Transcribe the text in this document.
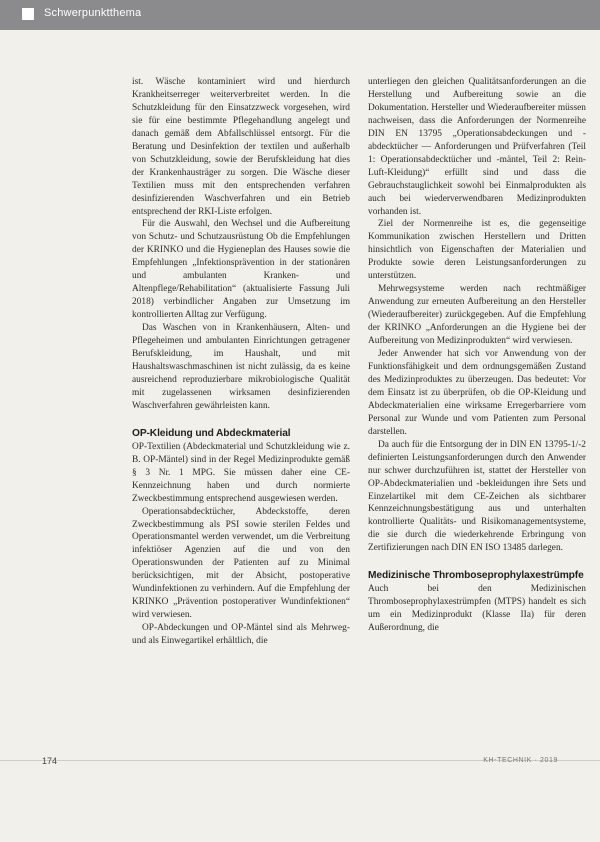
Schwerpunktthema

ist. Wäsche kontaminiert wird und hierdurch Krankheitserreger weiterverbreitet werden. In die Schutzkleidung für den Einsatzzweck vorgesehen, wird sie für eine bestimmte Pflegehandlung angelegt und danach gemäß dem Abfallschlüssel entsorgt. Für die Beratung und Desinfektion der textilen und außerhalb von Schutzkleidung, sowie der Berufskleidung hat dies der Krankenhausträger zu sorgen. Die Wäsche dieser Textilien muss mit den entsprechenden verfahren desinfizierenden Waschverfahren und ein Betrieb entsprechend der RKI-Liste erfolgen.

Für die Auswahl, den Wechsel und die Aufbereitung von Schutz- und Schutzausrüstung Ob die Empfehlungen der KRINKO und die Hygieneplan des Hauses sowie die Empfehlungen „Infektionsprävention in der stationären und ambulanten Kranken- und Altenpflege/Rehabilitation“ (aktualisierte Fassung Juli 2018) verbindlicher Angaben zur Umsetzung im kontrollierten Alltag zur Verfügung.

Das Waschen von in Krankenhäusern, Alten- und Pflegeheimen und ambulanten Einrichtungen getragener Berufskleidung, im Haushalt, und mit Haushaltswaschmaschinen ist nicht zulässig, da es keine ausreichend reproduzierbare mikrobiologische Qualität mit zugelassenen wirksamen desinfizierenden Waschverfahren gewährleisten kann.

OP-Kleidung und Abdeckmaterial

OP-Textilien (Abdeckmaterial und Schutzkleidung wie z. B. OP-Mäntel) sind in der Regel Medizinprodukte gemäß § 3 Nr. 1 MPG. Sie müssen daher eine CE-Kennzeichnung haben und durch normierte Zweckbestimmung entsprechend ausgewiesen werden.

Operationsabdecktücher, Abdeckstoffe, deren Zweckbestimmung als PSI sowie sterilen Feldes und Operationsmantel werden verwendet, um die Verbreitung infektiöser Agenzien auf die und von den Operationswunden der Patienten auf zu Minimal berücksichtigen, mit der Absicht, postoperative Wundinfektionen zu verhindern. Auf die Empfehlung der KRINKO „Prävention postoperativer Wundinfektionen“ wird verwiesen.

OP-Abdeckungen und OP-Mäntel sind als Mehrweg- und als Einwegartikel erhältlich, die

unterliegen den gleichen Qualitätsanforderungen an die Herstellung und Aufbereitung sowie an die Dokumentation. Hersteller und Wiederaufbereiter müssen nachweisen, dass die Anforderungen der Normenreihe DIN EN 13795 „Operationsabdeckungen und -abdecktücher — Anforderungen und Prüfverfahren (Teil 1: Operationsabdecktücher und -mäntel, Teil 2: Rein-Luft-Kleidung)“ erfüllt sind und dass die Gebrauchstauglichkeit sowohl bei Einmalprodukten als auch bei wiederverwendbaren Medizinprodukten vorhanden ist.

Ziel der Normenreihe ist es, die gegenseitige Kommunikation zwischen Herstellern und Dritten hinsichtlich von Eigenschaften der Materialien und Produkte sowie deren Leistungsanforderungen zu unterstützen.

Mehrwegsysteme werden nach rechtmäßiger Anwendung zur erneuten Aufbereitung an den Hersteller (Wiederaufbereiter) zurückgegeben. Auf die Empfehlung der KRINKO „Anforderungen an die Hygiene bei der Aufbereitung von Medizinprodukten“ wird verwiesen.

Jeder Anwender hat sich vor Anwendung von der Funktionsfähigkeit und dem ordnungsgemäßen Zustand des Medizinproduktes zu überzeugen. Das bedeutet: Vor dem Einsatz ist zu überprüfen, ob die OP-Kleidung und Abdeckmaterialien eine wirksame Erregerbarriere vom Personal zur Wunde und vom Patienten zum Personal darstellen.

Da auch für die Entsorgung der in DIN EN 13795-1/-2 definierten Leistungsanforderungen durch den Anwender nur schwer durchzuführen ist, stattet der Hersteller von OP-Abdeckmaterialien und -bekleidungen ihre Sets und Einzelartikel mit dem CE-Zeichen als sichtbarer Kennzeichnungsbestätigung aus und unterhalten kontrollierte Qualitäts- und Risikomanagementsysteme, die sie durch die wiederkehrende Erbringung von Zertifizierungen nach DIN EN ISO 13485 darlegen.

Medizinische Thromboseprophylaxestrümpfe

Auch bei den Medizinischen Thromboseprophylaxestrümpfen (MTPS) handelt es sich um ein Medizinprodukt (Klasse IIa) für deren Außerordnung, die

174	KH-TECHNIK · 2019
